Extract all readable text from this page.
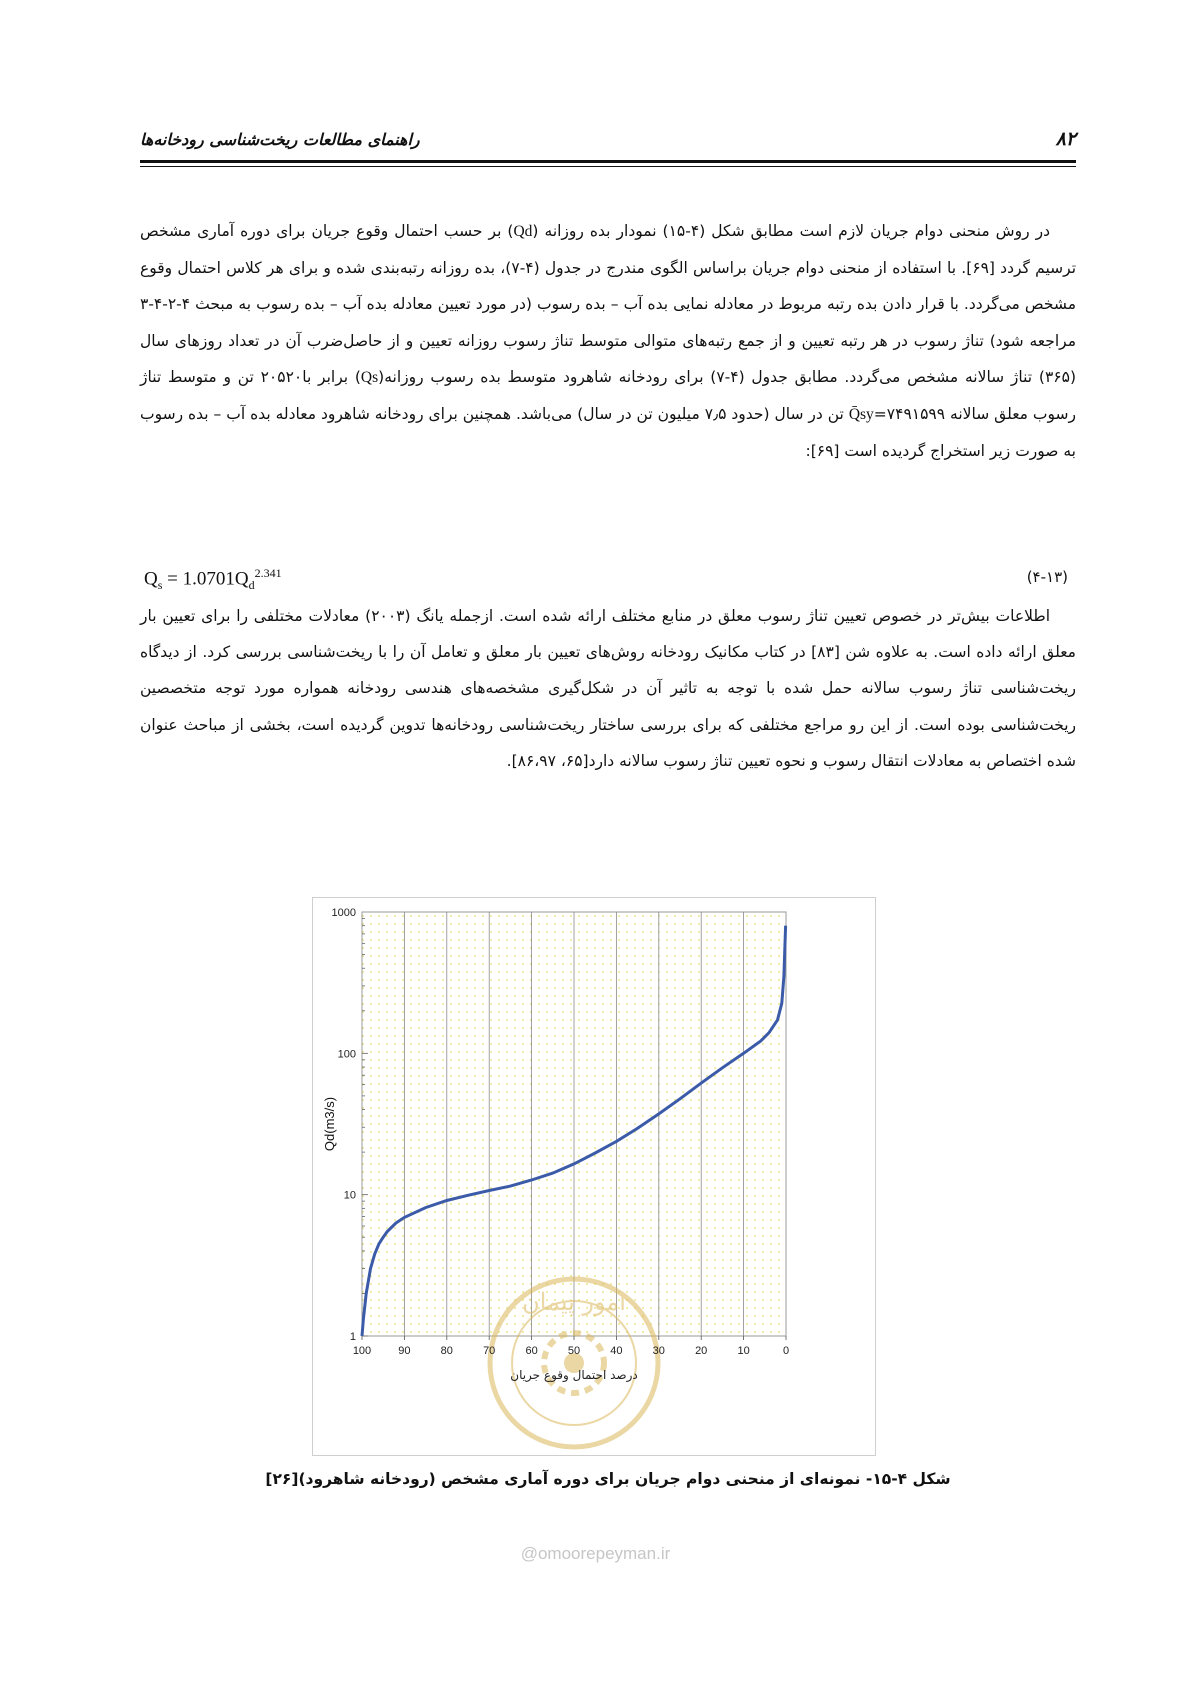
راهنمای مطالعات ریخت‌شناسی رودخانه‌ها	۸۲

در روش منحنی دوام جریان لازم است مطابق شکل (۴-۱۵) نمودار بده روزانه (Qd) بر حسب احتمال وقوع جریان برای دوره آماری مشخص ترسیم گردد [۶۹]. با استفاده از منحنی دوام جریان براساس الگوی مندرج در جدول (۴-۷)، بده روزانه رتبه‌بندی شده و برای هر کلاس احتمال وقوع مشخص می‌گردد. با قرار دادن بده رتبه مربوط در معادله نمایی بده آب – بده رسوب (در مورد تعیین معادله بده آب – بده رسوب به مبحث ۴-۲-۴-۳ مراجعه شود) تناژ رسوب در هر رتبه تعیین و از جمع رتبه‌های متوالی متوسط تناژ رسوب روزانه تعیین و از حاصل‌ضرب آن در تعداد روزهای سال (۳۶۵) تناژ سالانه مشخص می‌گردد. مطابق جدول (۴-۷) برای رودخانه شاهرود متوسط بده رسوب روزانه(Qs) برابر با۲۰۵۲۰ تن و متوسط تناژ رسوب معلق سالانه ۷۴۹۱۵۹۹=Q̄sy تن در سال (حدود ۷٫۵ میلیون تن در سال) می‌باشد. همچنین برای رودخانه شاهرود معادله بده آب – بده رسوب به صورت زیر استخراج گردیده است [۶۹]:

$Q_s = 1.0701Q_d^{2.341}$	(۴-۱۳)

اطلاعات بیش‌تر در خصوص تعیین تناژ رسوب معلق در منابع مختلف ارائه شده است. ازجمله یانگ (۲۰۰۳) معادلات مختلفی را برای تعیین بار معلق ارائه داده است. به علاوه شن [۸۳] در کتاب مکانیک رودخانه روش‌های تعیین بار معلق و تعامل آن را با ریخت‌شناسی بررسی کرد. از دیدگاه ریخت‌شناسی تناژ رسوب سالانه حمل شده با توجه به تاثیر آن در شکل‌گیری مشخصه‌های هندسی رودخانه همواره مورد توجه متخصصین ریخت‌شناسی بوده است. از این رو مراجع مختلفی که برای بررسی ساختار ریخت‌شناسی رودخانه‌ها تدوین گردیده است، بخشی از مباحث عنوان شده اختصاص به معادلات انتقال رسوب و نحوه تعیین تناژ رسوب سالانه دارد[۶۵، ۸۶،۹۷].

امور پیمان
100 90	80	70	60	50	40	30	20	10	0
1
10
100
1000
Qd(m3/s)
درصد احتمال وقوع جریان
شکل ۴-۱۵- نمونه‌ای از منحنی دوام جریان برای دوره آماری مشخص (رودخانه شاهرود)[۲۶]
@omoorepeyman.ir
